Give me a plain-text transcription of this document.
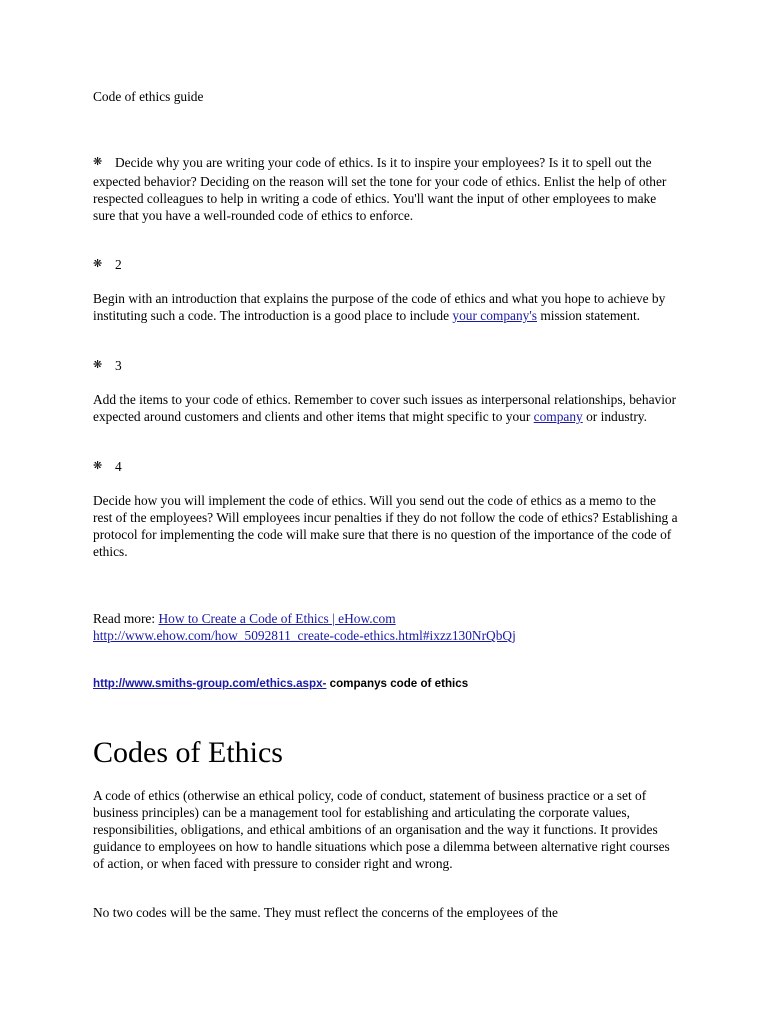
Code of ethics guide

❋ Decide why you are writing your code of ethics. Is it to inspire your employees? Is it to spell out the expected behavior? Deciding on the reason will set the tone for your code of ethics. Enlist the help of other respected colleagues to help in writing a code of ethics. You'll want the input of other employees to make sure that you have a well-rounded code of ethics to enforce.

❋ 2

Begin with an introduction that explains the purpose of the code of ethics and what you hope to achieve by instituting such a code. The introduction is a good place to include your company's mission statement.

❋ 3

Add the items to your code of ethics. Remember to cover such issues as interpersonal relationships, behavior expected around customers and clients and other items that might specific to your company or industry.

❋ 4

Decide how you will implement the code of ethics. Will you send out the code of ethics as a memo to the rest of the employees? Will employees incur penalties if they do not follow the code of ethics? Establishing a protocol for implementing the code will make sure that there is no question of the importance of the code of ethics.

Read more: How to Create a Code of Ethics | eHow.com
http://www.ehow.com/how_5092811_create-code-ethics.html#ixzz130NrQbQj

http://www.smiths-group.com/ethics.aspx- companys code of ethics

Codes of Ethics

A code of ethics (otherwise an ethical policy, code of conduct, statement of business practice or a set of business principles) can be a management tool for establishing and articulating the corporate values, responsibilities, obligations, and ethical ambitions of an organisation and the way it functions. It provides guidance to employees on how to handle situations which pose a dilemma between alternative right courses of action, or when faced with pressure to consider right and wrong.

No two codes will be the same. They must reflect the concerns of the employees of the
